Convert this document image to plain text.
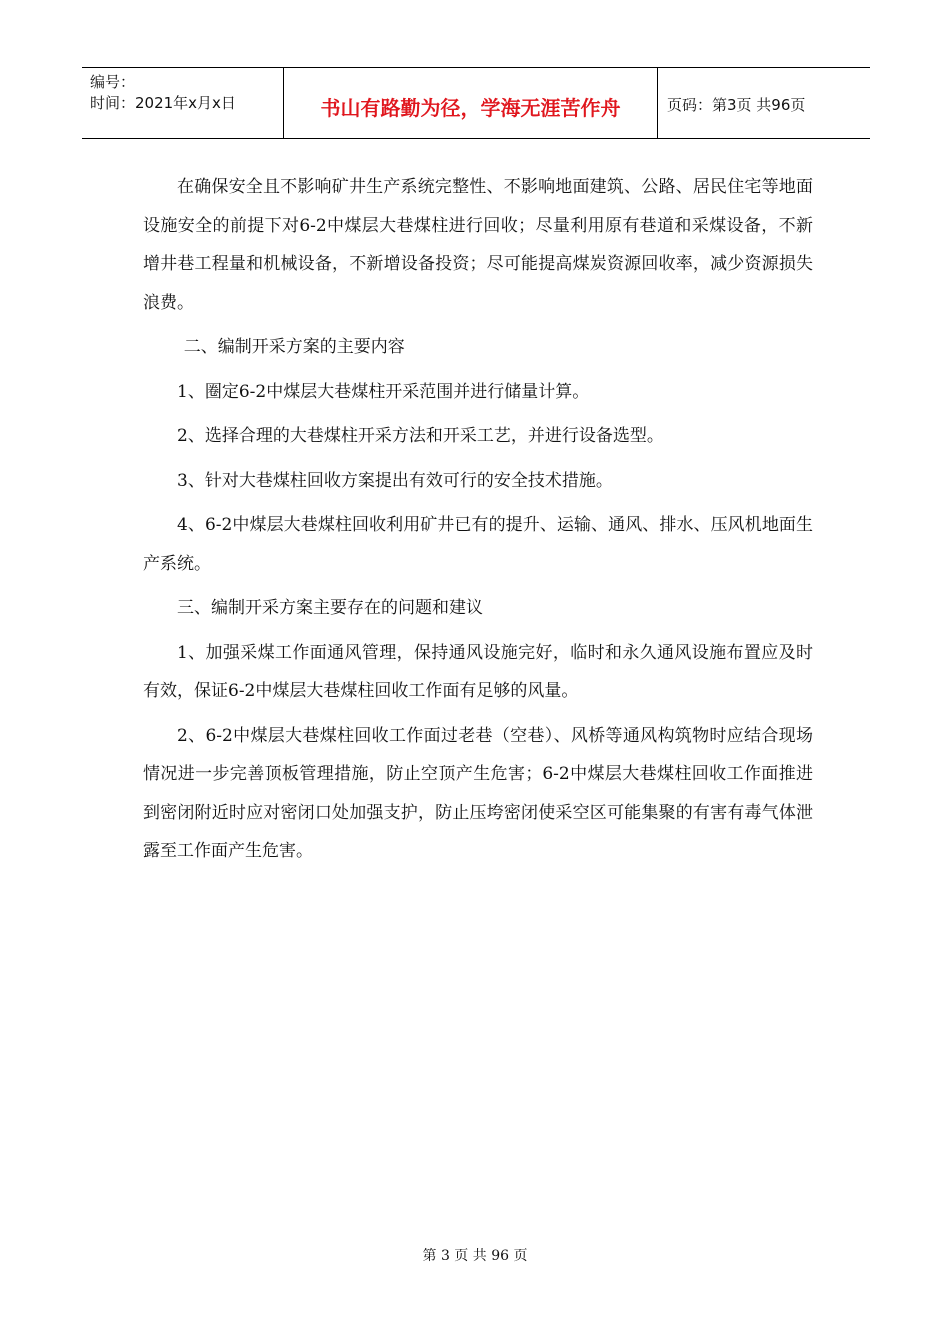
编号：
时间：2021年x月x日	书山有路勤为径，学海无涯苦作舟	页码：第3页 共96页

在确保安全且不影响矿井生产系统完整性、不影响地面建筑、公路、居民住宅等地面设施安全的前提下对6-2中煤层大巷煤柱进行回收；尽量利用原有巷道和采煤设备，不新增井巷工程量和机械设备，不新增设备投资；尽可能提高煤炭资源回收率，减少资源损失浪费。

二、编制开采方案的主要内容

1、圈定6-2中煤层大巷煤柱开采范围并进行储量计算。

2、选择合理的大巷煤柱开采方法和开采工艺，并进行设备选型。

3、针对大巷煤柱回收方案提出有效可行的安全技术措施。

4、6-2中煤层大巷煤柱回收利用矿井已有的提升、运输、通风、排水、压风机地面生产系统。

三、编制开采方案主要存在的问题和建议

1、加强采煤工作面通风管理，保持通风设施完好，临时和永久通风设施布置应及时有效，保证6-2中煤层大巷煤柱回收工作面有足够的风量。

2、6-2中煤层大巷煤柱回收工作面过老巷（空巷）、风桥等通风构筑物时应结合现场情况进一步完善顶板管理措施，防止空顶产生危害；6-2中煤层大巷煤柱回收工作面推进到密闭附近时应对密闭口处加强支护，防止压垮密闭使采空区可能集聚的有害有毒气体泄露至工作面产生危害。

第 3 页 共 96 页
